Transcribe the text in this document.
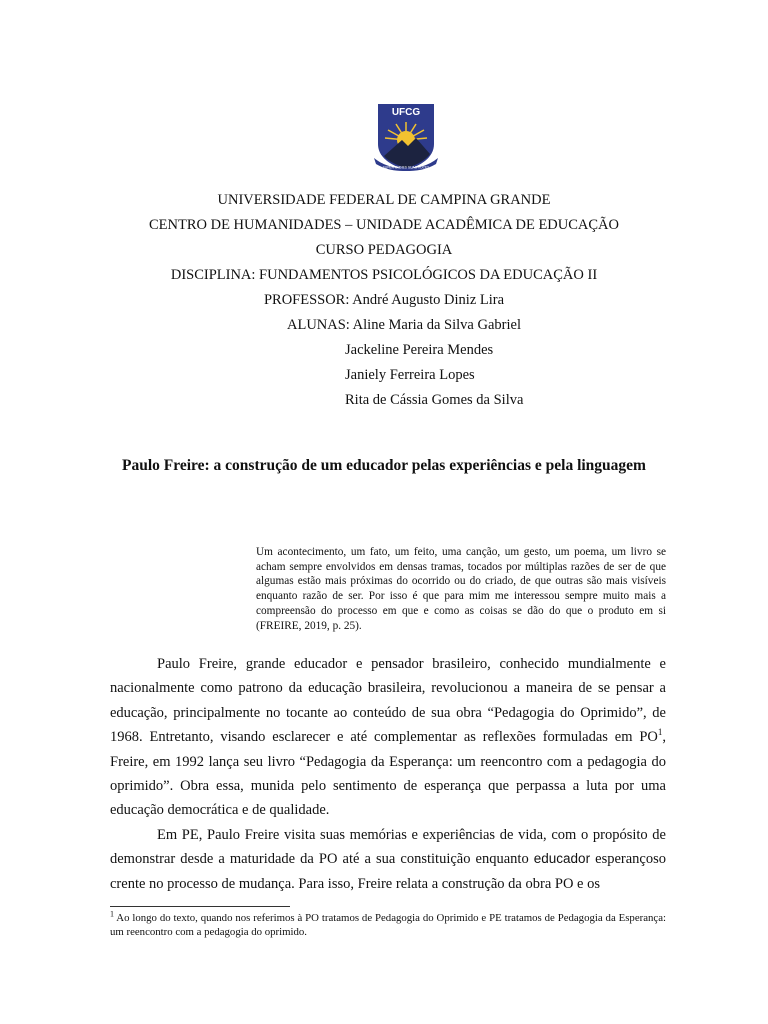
UFCG
SUPER OMNES SUAS VOCES
UNIVERSIDADE FEDERAL DE CAMPINA GRANDE
CENTRO DE HUMANIDADES – UNIDADE ACADÊMICA DE EDUCAÇÃO
CURSO PEDAGOGIA
DISCIPLINA: FUNDAMENTOS PSICOLÓGICOS DA EDUCAÇÃO II
PROFESSOR: André Augusto Diniz Lira
ALUNAS: Aline Maria da Silva Gabriel
Jackeline Pereira Mendes
Janiely Ferreira Lopes
Rita de Cássia Gomes da Silva
Paulo Freire: a construção de um educador pelas experiências e pela linguagem
Um acontecimento, um fato, um feito, uma canção, um gesto, um poema, um livro se acham sempre envolvidos em densas tramas, tocados por múltiplas razões de ser de que algumas estão mais próximas do ocorrido ou do criado, de que outras são mais visíveis enquanto razão de ser. Por isso é que para mim me interessou sempre muito mais a compreensão do processo em que e como as coisas se dão do que o produto em si (FREIRE, 2019, p. 25).

Paulo Freire, grande educador e pensador brasileiro, conhecido mundialmente e nacionalmente como patrono da educação brasileira, revolucionou a maneira de se pensar a educação, principalmente no tocante ao conteúdo de sua obra “Pedagogia do Oprimido”, de 1968. Entretanto, visando esclarecer e até complementar as reflexões formuladas em $PO^1$, Freire, em 1992 lança seu livro “Pedagogia da Esperança: um reencontro com a pedagogia do oprimido”. Obra essa, munida pelo sentimento de esperança que perpassa a luta por uma educação democrática e de qualidade.

Em PE, Paulo Freire visita suas memórias e experiências de vida, com o propósito de demonstrar desde a maturidade da PO até a sua constituição enquanto educador esperançoso crente no processo de mudança. Para isso, Freire relata a construção da obra PO e os

$^1$ Ao longo do texto, quando nos referimos à PO tratamos de Pedagogia do Oprimido e PE tratamos de Pedagogia da Esperança: um reencontro com a pedagogia do oprimido.
